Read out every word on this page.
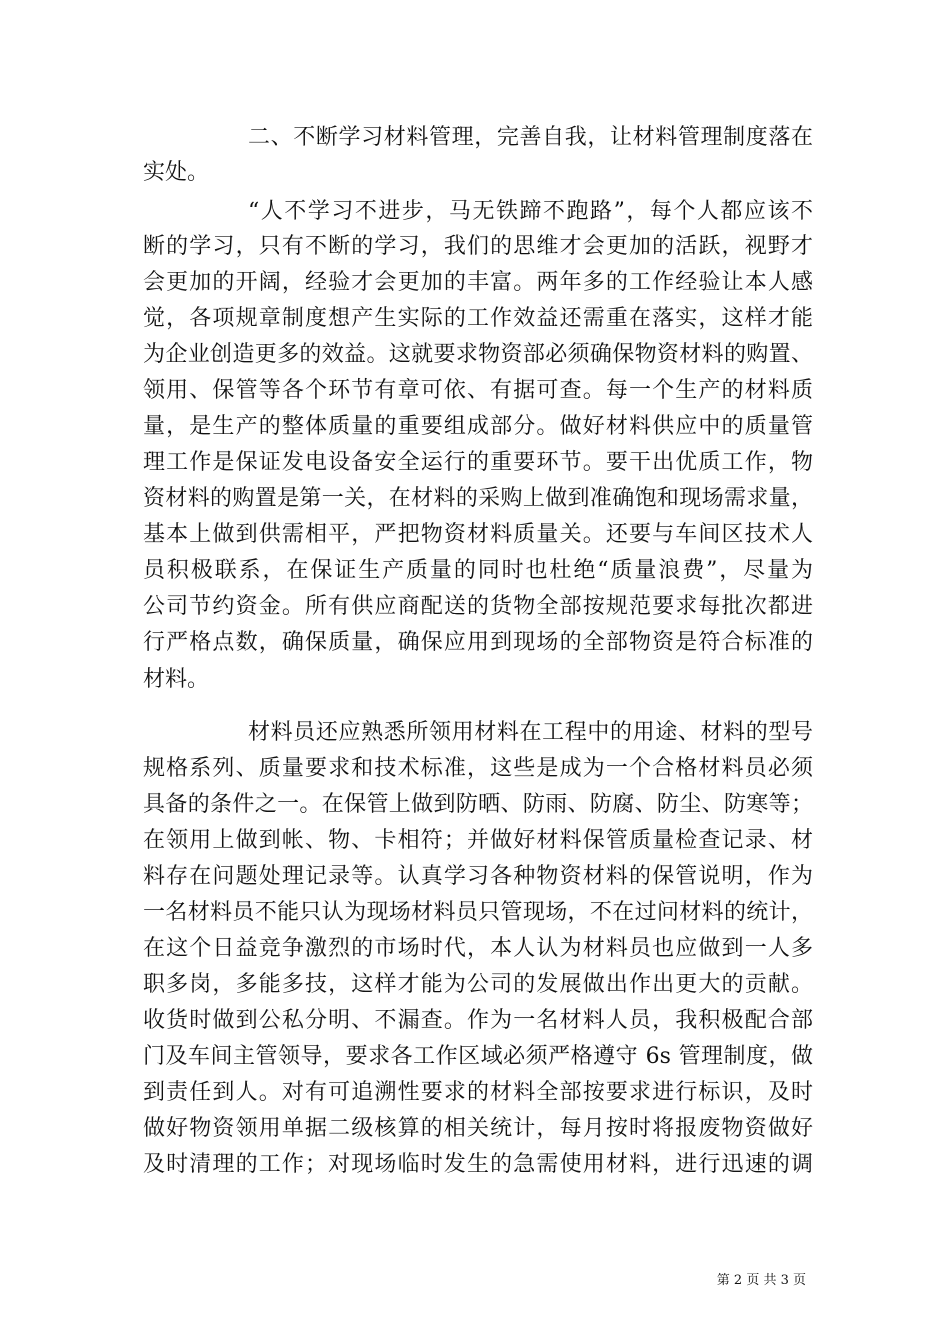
二、不断学习材料管理，完善自我，让材料管理制度落在
实处。
“人不学习不进步，马无铁蹄不跑路”，每个人都应该不
断的学习，只有不断的学习，我们的思维才会更加的活跃，视野才
会更加的开阔，经验才会更加的丰富。两年多的工作经验让本人感
觉，各项规章制度想产生实际的工作效益还需重在落实，这样才能
为企业创造更多的效益。这就要求物资部必须确保物资材料的购置、
领用、保管等各个环节有章可依、有据可查。每一个生产的材料质
量，是生产的整体质量的重要组成部分。做好材料供应中的质量管
理工作是保证发电设备安全运行的重要环节。要干出优质工作，物
资材料的购置是第一关，在材料的采购上做到准确饱和现场需求量，
基本上做到供需相平，严把物资材料质量关。还要与车间区技术人
员积极联系，在保证生产质量的同时也杜绝“质量浪费”，尽量为
公司节约资金。所有供应商配送的货物全部按规范要求每批次都进
行严格点数，确保质量，确保应用到现场的全部物资是符合标准的
材料。
材料员还应熟悉所领用材料在工程中的用途、材料的型号
规格系列、质量要求和技术标准，这些是成为一个合格材料员必须
具备的条件之一。在保管上做到防晒、防雨、防腐、防尘、防寒等；
在领用上做到帐、物、卡相符；并做好材料保管质量检查记录、材
料存在问题处理记录等。认真学习各种物资材料的保管说明，作为
一名材料员不能只认为现场材料员只管现场，不在过问材料的统计，
在这个日益竞争激烈的市场时代，本人认为材料员也应做到一人多
职多岗，多能多技，这样才能为公司的发展做出作出更大的贡献。
收货时做到公私分明、不漏查。作为一名材料人员，我积极配合部
门及车间主管领导，要求各工作区域必须严格遵守 6s 管理制度，做
到责任到人。对有可追溯性要求的材料全部按要求进行标识，及时
做好物资领用单据二级核算的相关统计，每月按时将报废物资做好
及时清理的工作；对现场临时发生的急需使用材料，进行迅速的调
第 2 页 共 3 页
